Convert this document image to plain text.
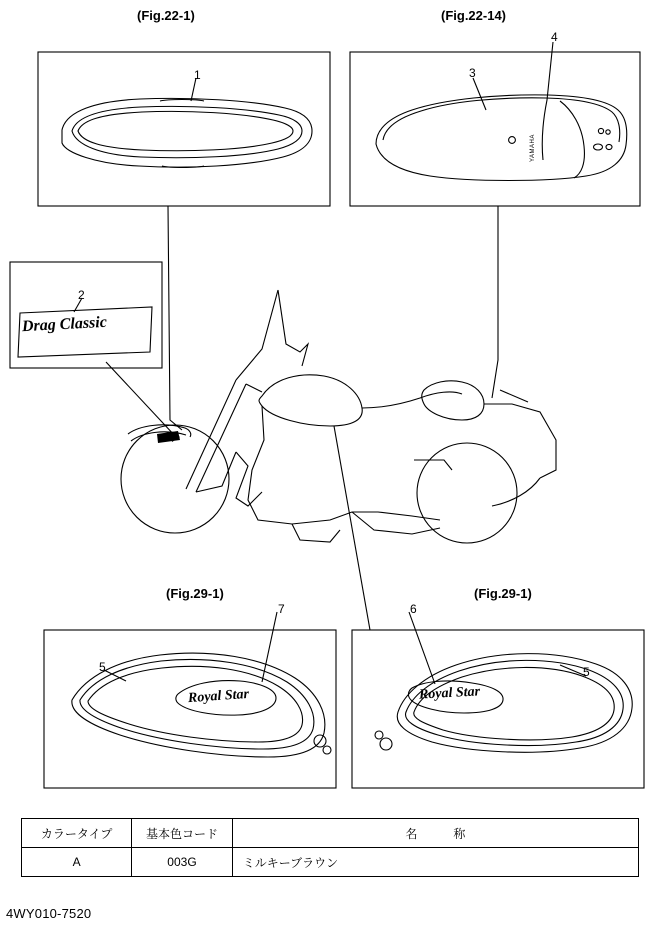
(Fig.22-1)	(Fig.22-14)
(Fig.29-1)	(Fig.29-1)
1
2
3
4
5
6
7
5
Drag Classic
YAMAHA
Royal Star	Royal Star
カラータイプ	基本色コード	名　　　称
A	003G	ミルキーブラウン
4WY010-7520
